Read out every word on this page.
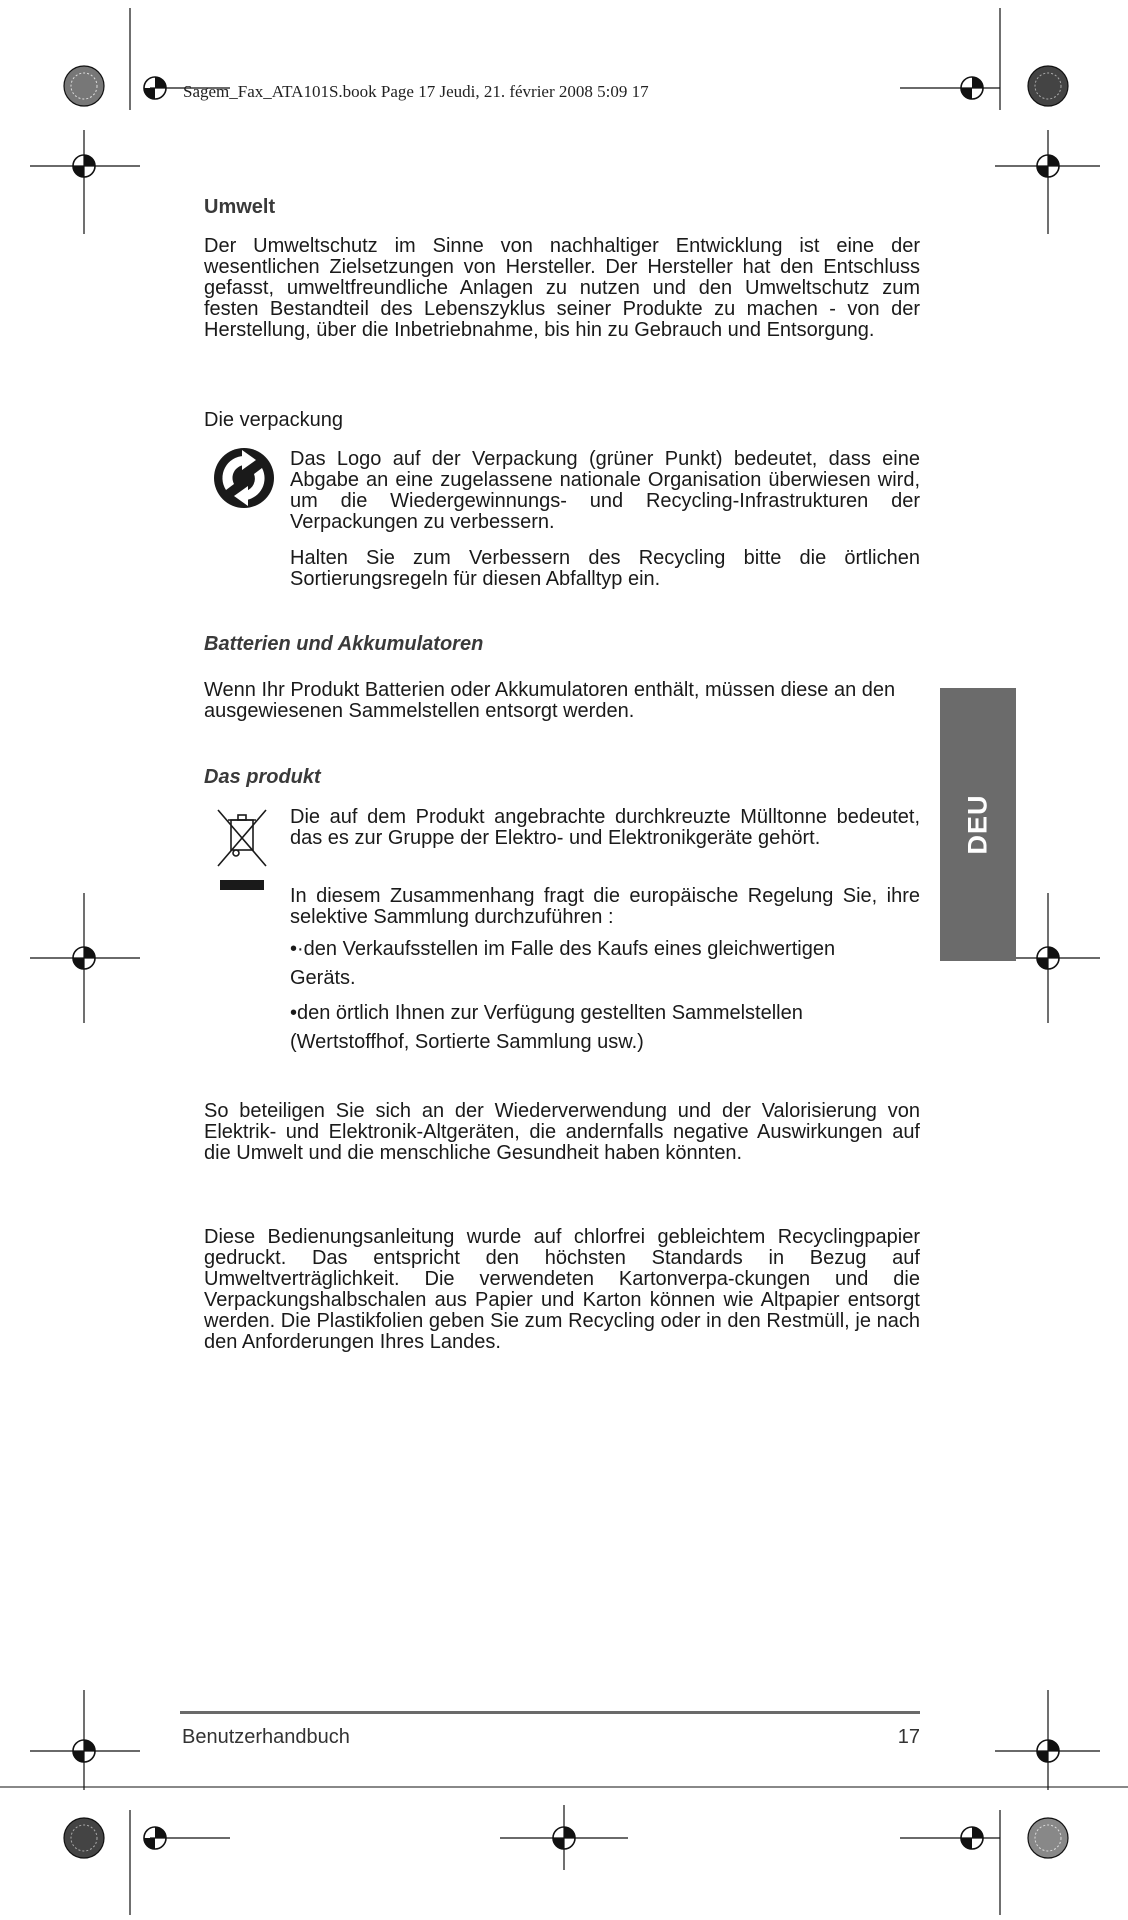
Sagem_Fax_ATA101S.book Page 17 Jeudi, 21. février 2008 5:09 17
Umwelt

Der Umweltschutz im Sinne von nachhaltiger Entwicklung ist eine der wesentlichen Zielsetzungen von Hersteller. Der Hersteller hat den Entschluss gefasst, umweltfreundliche Anlagen zu nutzen und den Umweltschutz zum festen Bestandteil des Lebenszyklus seiner Produkte zu machen - von der Herstellung, über die Inbetriebnahme, bis hin zu Gebrauch und Entsorgung.

Die verpackung

Das Logo auf der Verpackung (grüner Punkt) bedeutet, dass eine Abgabe an eine zugelassene nationale Organisation überwiesen wird, um die Wiedergewinnungs- und Recycling-Infrastrukturen der Verpackungen zu verbessern.

Halten Sie zum Verbessern des Recycling bitte die örtlichen Sortierungsregeln für diesen Abfalltyp ein.

Batterien und Akkumulatoren

Wenn Ihr Produkt Batterien oder Akkumulatoren enthält, müssen diese an den ausgewiesenen Sammelstellen entsorgt werden.

Das produkt

Die auf dem Produkt angebrachte durchkreuzte Mülltonne bedeutet, das es zur Gruppe der Elektro- und Elektronikgeräte gehört.

In diesem Zusammenhang fragt die europäische Regelung Sie, ihre selektive Sammlung durchzuführen :

•·den Verkaufsstellen im Falle des Kaufs eines gleichwertigen
Geräts.
•den örtlich Ihnen zur Verfügung gestellten Sammelstellen
(Wertstoffhof, Sortierte Sammlung usw.)

So beteiligen Sie sich an der Wiederverwendung und der Valorisierung von Elektrik- und Elektronik-Altgeräten, die andernfalls negative Auswirkungen auf die Umwelt und die menschliche Gesundheit haben könnten.

Diese Bedienungsanleitung wurde auf chlorfrei gebleichtem Recyclingpapier gedruckt. Das entspricht den höchsten Standards in Bezug auf Umweltverträglichkeit. Die verwendeten Kartonverpa-ckungen und die Verpackungshalbschalen aus Papier und Karton können wie Altpapier entsorgt werden. Die Plastikfolien geben Sie zum Recycling oder in den Restmüll, je nach den Anforderungen Ihres Landes.

DEU
Benutzerhandbuch	17
